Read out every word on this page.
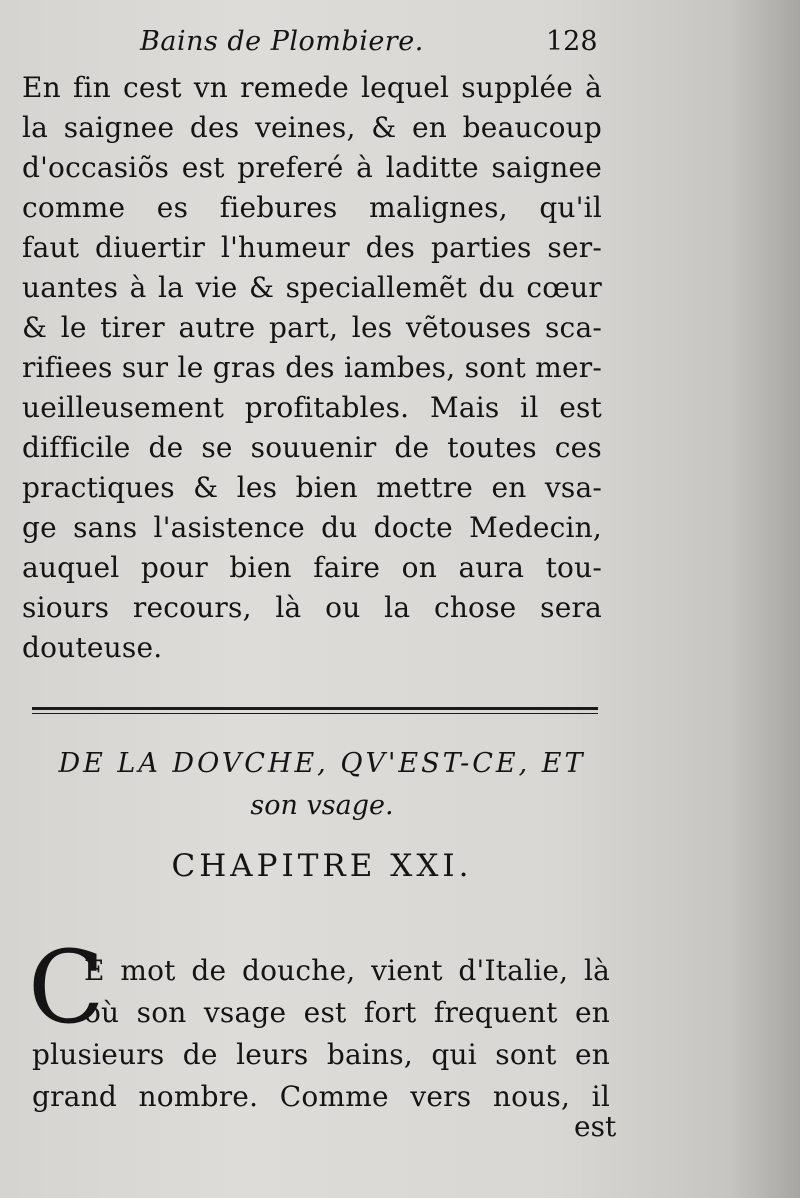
Bains de Plombiere.	128
En fin cest vn remede lequel supplée à
la saignee des veines, & en beaucoup
d'occasiõs est preferé à laditte saignee
comme es fiebures malignes, qu'il
faut diuertir l'humeur des parties ser-
uantes à la vie & speciallemẽt du cœur
& le tirer autre part, les vẽtouses sca-
rifiees sur le gras des iambes, sont mer-
ueilleusement profitables. Mais il est
difficile de se souuenir de toutes ces
practiques & les bien mettre en vsa-
ge sans l'asistence du docte Medecin,
auquel pour bien faire on aura tou-
siours recours, là ou la chose sera
douteuse.
DE LA DOVCHE, QV'EST-CE, ET
son vsage.
CHAPITRE XXI.
C
E mot de douche, vient d'Italie, là
où son vsage est fort frequent en
plusieurs de leurs bains, qui sont en
grand nombre. Comme vers nous, il
est
